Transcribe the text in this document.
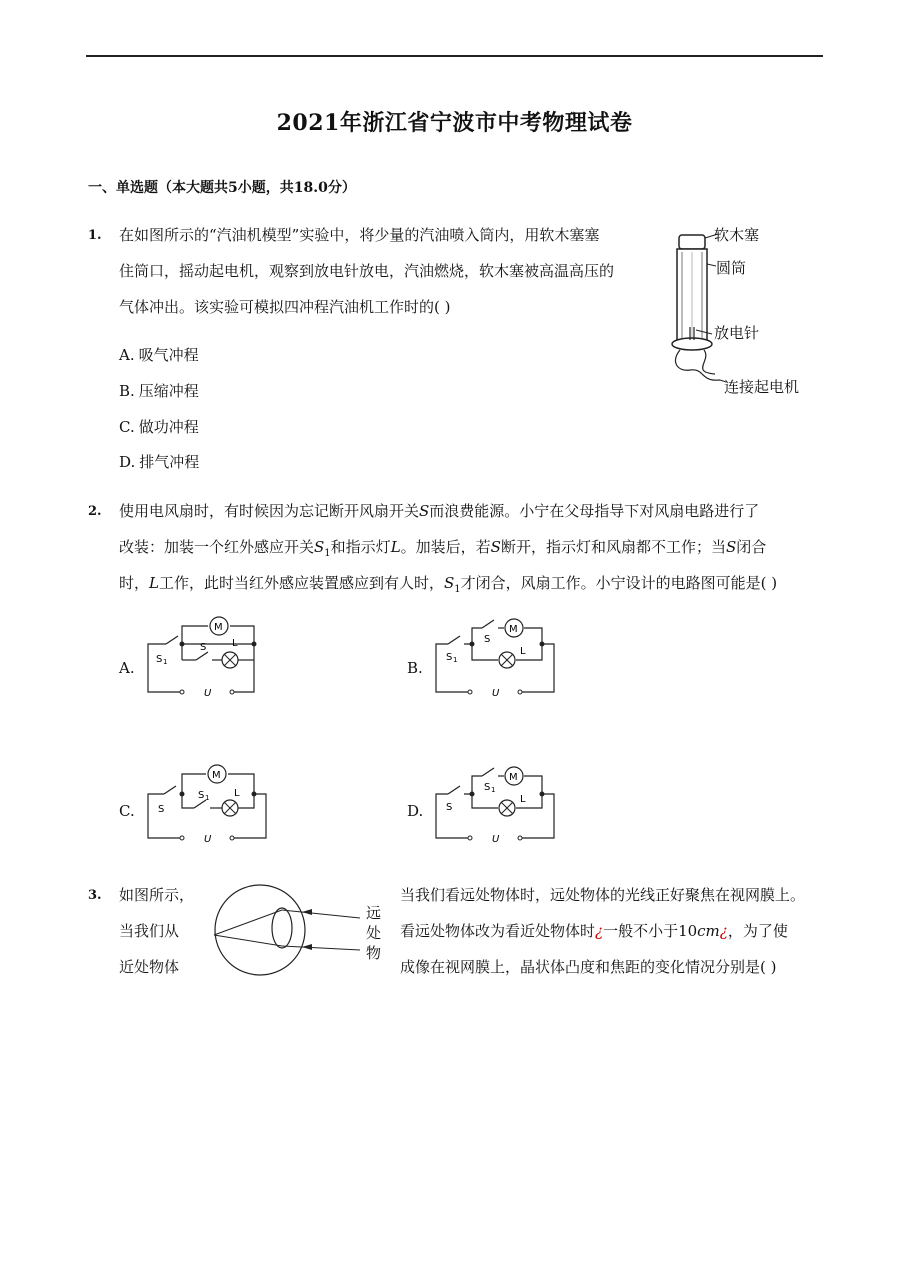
2021年浙江省宁波市中考物理试卷
一、单选题（本大题共5小题，共18.0分）
1. 在如图所示的“汽油机模型”实验中，将少量的汽油喷入筒内，用软木塞塞
住筒口，摇动起电机，观察到放电针放电，汽油燃烧，软木塞被高温高压的
气体冲出。该实验可模拟四冲程汽油机工作时的( )
A. 吸气冲程
B. 压缩冲程
C. 做功冲程
D. 排气冲程
软木塞
圆筒
放电针
连接起电机
2. 使用电风扇时，有时候因为忘记断开风扇开关S而浪费能源。小宁在父母指导下对风扇电路进行了
改装：加装一个红外感应开关$S_1$和指示灯L。加装后，若S断开，指示灯和风扇都不工作；当S闭合
时，L工作，此时当红外感应装置感应到有人时，$S_1$才闭合，风扇工作。小宁设计的电路图可能是( )
A.	B.
C.	D.
M
S 1
S	L
U
M
S 1
S
L
U
M
S
S 1 L
U
M
S
S 1
L
U
3. 如图所示，
当我们从
近处物体
远
处
物
当我们看远处物体时，远处物体的光线正好聚焦在视网膜上。
看远处物体改为看近处物体时¿一般不小于10cm¿，为了使
成像在视网膜上，晶状体凸度和焦距的变化情况分别是( )
